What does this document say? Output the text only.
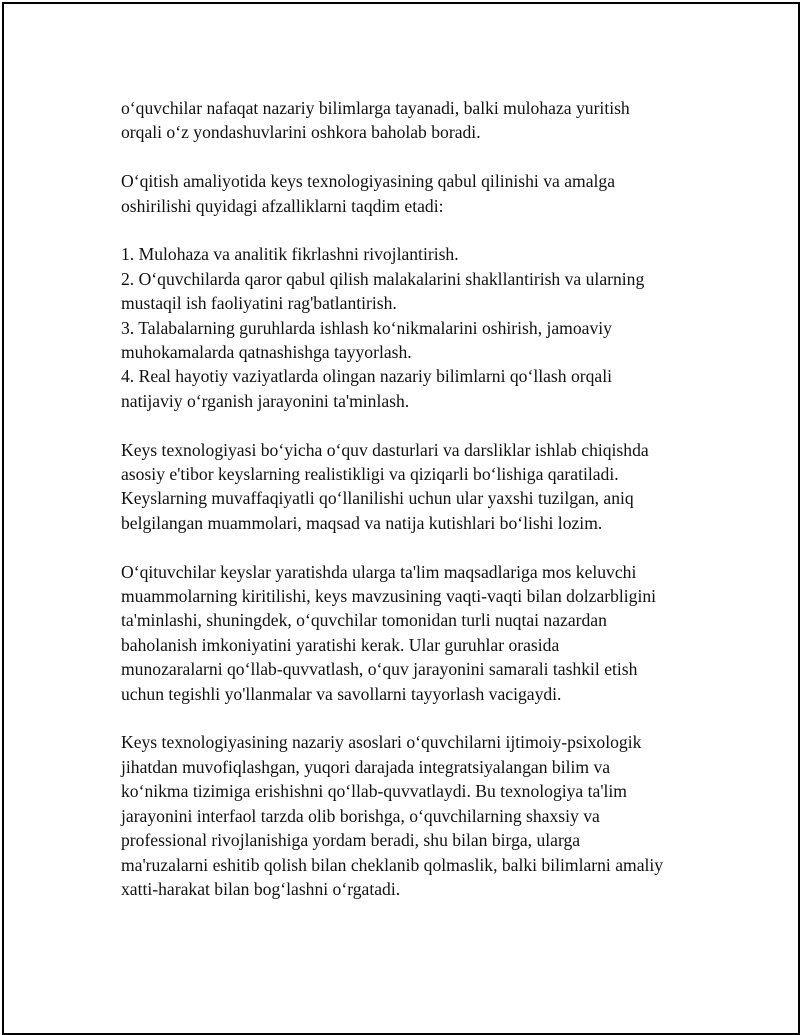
o‘quvchilar nafaqat nazariy bilimlarga tayanadi, balki mulohaza yuritish
orqali o‘z yondashuvlarini oshkora baholab boradi.

O‘qitish amaliyotida keys texnologiyasining qabul qilinishi va amalga
oshirilishi quyidagi afzalliklarni taqdim etadi:

1. Mulohaza va analitik fikrlashni rivojlantirish.

2. O‘quvchilarda qaror qabul qilish malakalarini shakllantirish va ularning
mustaqil ish faoliyatini rag'batlantirish.

3. Talabalarning guruhlarda ishlash ko‘nikmalarini oshirish, jamoaviy
muhokamalarda qatnashishga tayyorlash.

4. Real hayotiy vaziyatlarda olingan nazariy bilimlarni qo‘llash orqali
natijaviy o‘rganish jarayonini ta'minlash.

Keys texnologiyasi bo‘yicha o‘quv dasturlari va darsliklar ishlab chiqishda
asosiy e'tibor keyslarning realistikligi va qiziqarli bo‘lishiga qaratiladi.
Keyslarning muvaffaqiyatli qo‘llanilishi uchun ular yaxshi tuzilgan, aniq
belgilangan muammolari, maqsad va natija kutishlari bo‘lishi lozim.

O‘qituvchilar keyslar yaratishda ularga ta'lim maqsadlariga mos keluvchi
muammolarning kiritilishi, keys mavzusining vaqti-vaqti bilan dolzarbligini
ta'minlashi, shuningdek, o‘quvchilar tomonidan turli nuqtai nazardan
baholanish imkoniyatini yaratishi kerak. Ular guruhlar orasida
munozaralarni qo‘llab-quvvatlash, o‘quv jarayonini samarali tashkil etish
uchun tegishli yo'llanmalar va savollarni tayyorlash vacigaydi.

Keys texnologiyasining nazariy asoslari o‘quvchilarni ijtimoiy-psixologik
jihatdan muvofiqlashgan, yuqori darajada integratsiyalangan bilim va
ko‘nikma tizimiga erishishni qo‘llab-quvvatlaydi. Bu texnologiya ta'lim
jarayonini interfaol tarzda olib borishga, o‘quvchilarning shaxsiy va
professional rivojlanishiga yordam beradi, shu bilan birga, ularga
ma'ruzalarni eshitib qolish bilan cheklanib qolmaslik, balki bilimlarni amaliy
xatti-harakat bilan bog‘lashni o‘rgatadi.
